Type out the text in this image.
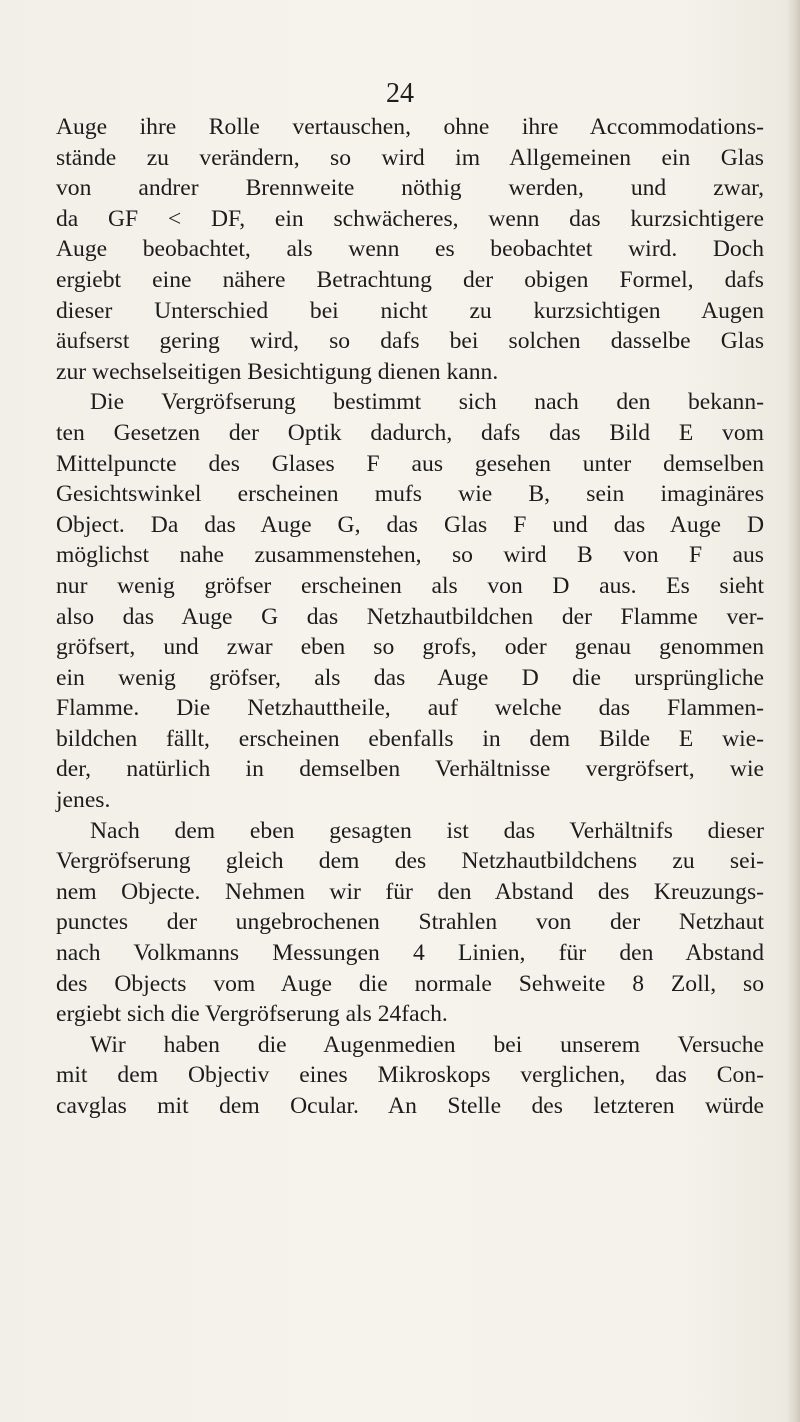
24
Auge ihre Rolle vertauschen, ohne ihre Accommodations-
stände zu verändern, so wird im Allgemeinen ein Glas
von andrer Brennweite nöthig werden, und zwar,
da GF < DF, ein schwächeres, wenn das kurzsichtigere
Auge beobachtet, als wenn es beobachtet wird. Doch
ergiebt eine nähere Betrachtung der obigen Formel, dafs
dieser Unterschied bei nicht zu kurzsichtigen Augen
äufserst gering wird, so dafs bei solchen dasselbe Glas
zur wechselseitigen Besichtigung dienen kann.
Die Vergröfserung bestimmt sich nach den bekann-
ten Gesetzen der Optik dadurch, dafs das Bild E vom
Mittelpuncte des Glases F aus gesehen unter demselben
Gesichtswinkel erscheinen mufs wie B, sein imaginäres
Object. Da das Auge G, das Glas F und das Auge D
möglichst nahe zusammenstehen, so wird B von F aus
nur wenig gröfser erscheinen als von D aus. Es sieht
also das Auge G das Netzhautbildchen der Flamme ver-
gröfsert, und zwar eben so grofs, oder genau genommen
ein wenig gröfser, als das Auge D die ursprüngliche
Flamme. Die Netzhauttheile, auf welche das Flammen-
bildchen fällt, erscheinen ebenfalls in dem Bilde E wie-
der, natürlich in demselben Verhältnisse vergröfsert, wie
jenes.
Nach dem eben gesagten ist das Verhältnifs dieser
Vergröfserung gleich dem des Netzhautbildchens zu sei-
nem Objecte. Nehmen wir für den Abstand des Kreuzungs-
punctes der ungebrochenen Strahlen von der Netzhaut
nach Volkmanns Messungen 4 Linien, für den Abstand
des Objects vom Auge die normale Sehweite 8 Zoll, so
ergiebt sich die Vergröfserung als 24fach.
Wir haben die Augenmedien bei unserem Versuche
mit dem Objectiv eines Mikroskops verglichen, das Con-
cavglas mit dem Ocular. An Stelle des letzteren würde
